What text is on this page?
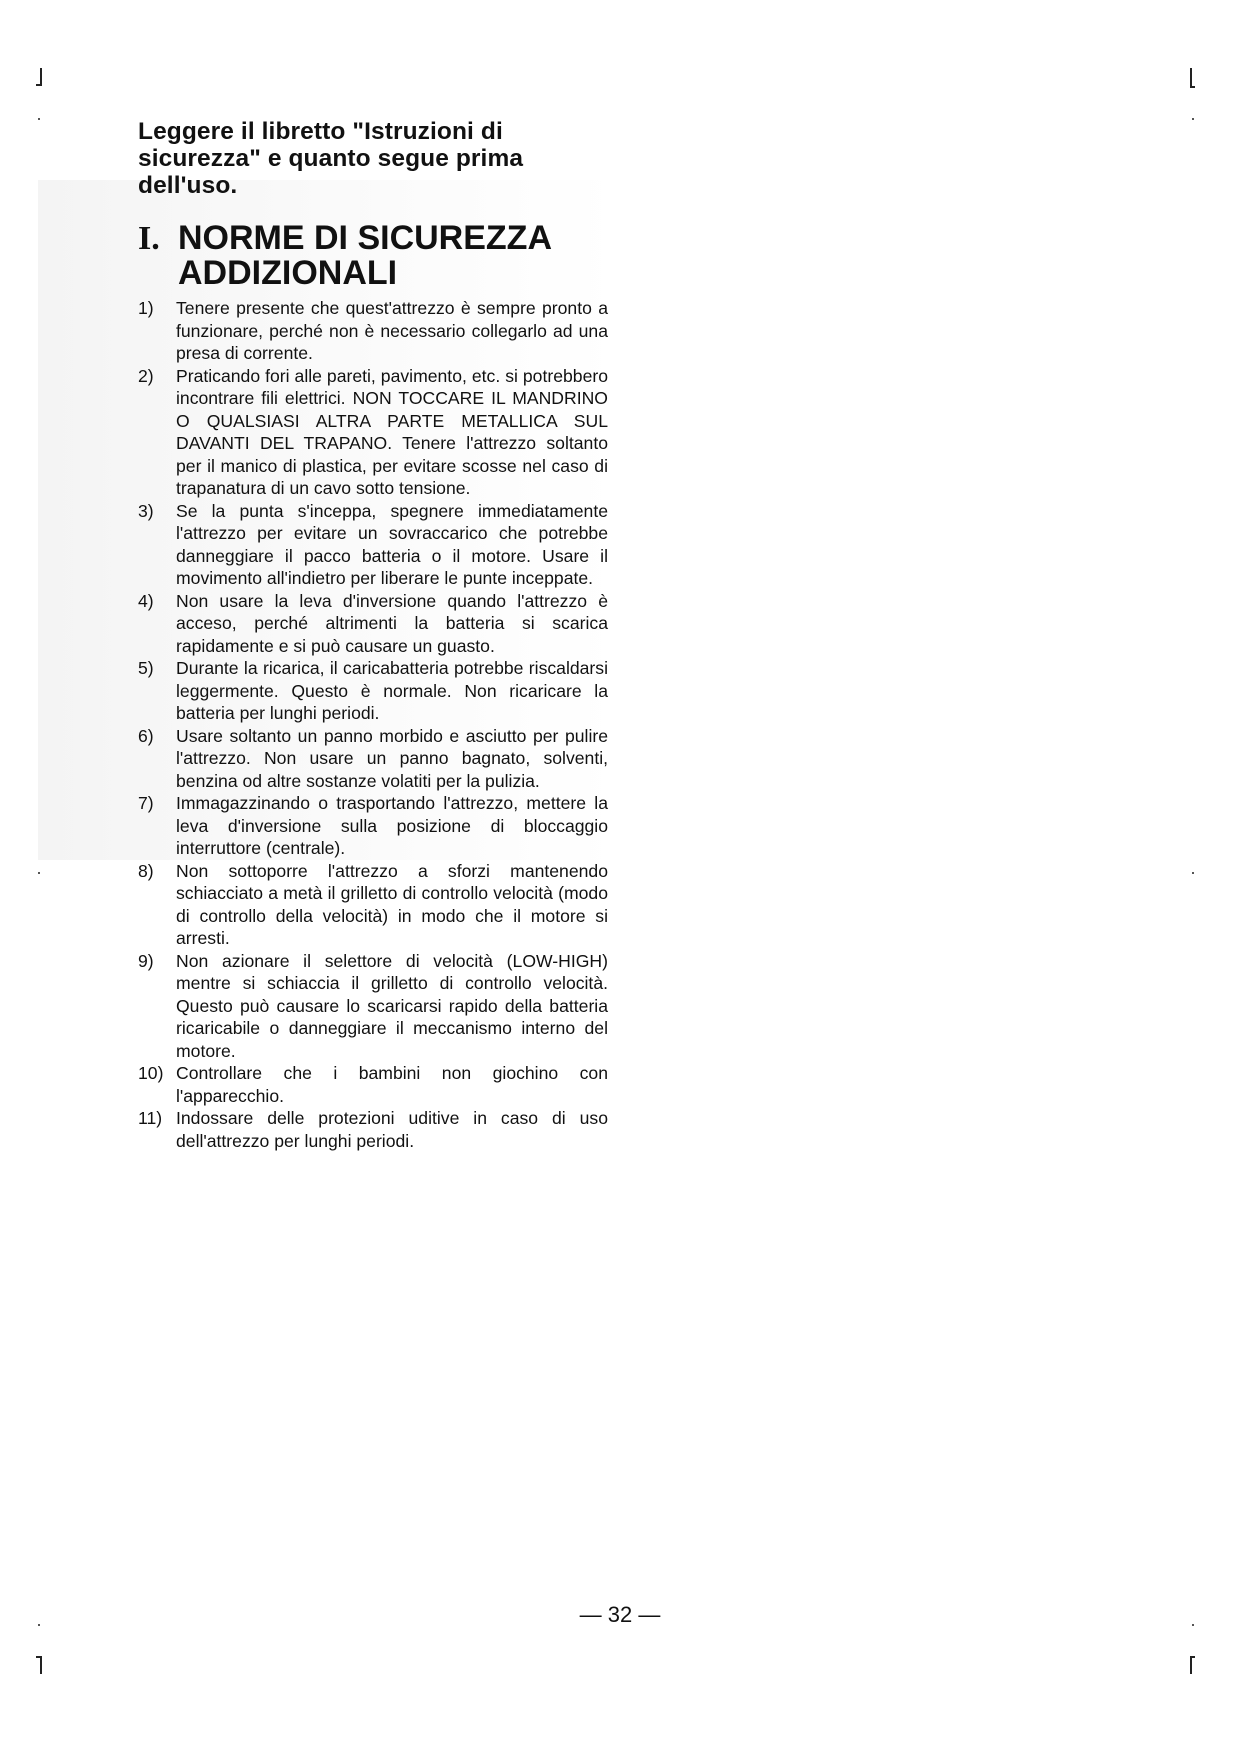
Leggere il libretto "Istruzioni di sicurezza" e quanto segue prima dell'uso.

I. NORME DI SICUREZZA ADDIZIONALI
1) Tenere presente che quest'attrezzo è sempre pronto a funzionare, perché non è necessario collegarlo ad una presa di corrente.
2) Praticando fori alle pareti, pavimento, etc. si potrebbero incontrare fili elettrici. NON TOCCARE IL MANDRINO O QUALSIASI ALTRA PARTE METALLICA SUL DAVANTI DEL TRAPANO. Tenere l'attrezzo soltanto per il manico di plastica, per evitare scosse nel caso di trapanatura di un cavo sotto tensione.
3) Se la punta s'inceppa, spegnere immediatamente l'attrezzo per evitare un sovraccarico che potrebbe danneggiare il pacco batteria o il motore. Usare il movimento all'indietro per liberare le punte inceppate.
4) Non usare la leva d'inversione quando l'attrezzo è acceso, perché altrimenti la batteria si scarica rapidamente e si può causare un guasto.
5) Durante la ricarica, il caricabatteria potrebbe riscaldarsi leggermente. Questo è normale. Non ricaricare la batteria per lunghi periodi.
6) Usare soltanto un panno morbido e asciutto per pulire l'attrezzo. Non usare un panno bagnato, solventi, benzina od altre sostanze volatiti per la pulizia.
7) Immagazzinando o trasportando l'attrezzo, mettere la leva d'inversione sulla posizione di bloccaggio interruttore (centrale).
8) Non sottoporre l'attrezzo a sforzi mantenendo schiacciato a metà il grilletto di controllo velocità (modo di controllo della velocità) in modo che il motore si arresti.
9) Non azionare il selettore di velocità (LOW-HIGH) mentre si schiaccia il grilletto di controllo velocità. Questo può causare lo scaricarsi rapido della batteria ricaricabile o danneggiare il meccanismo interno del motore.
10) Controllare che i bambini non giochino con l'apparecchio.
11) Indossare delle protezioni uditive in caso di uso dell'attrezzo per lunghi periodi.
— 32 —
